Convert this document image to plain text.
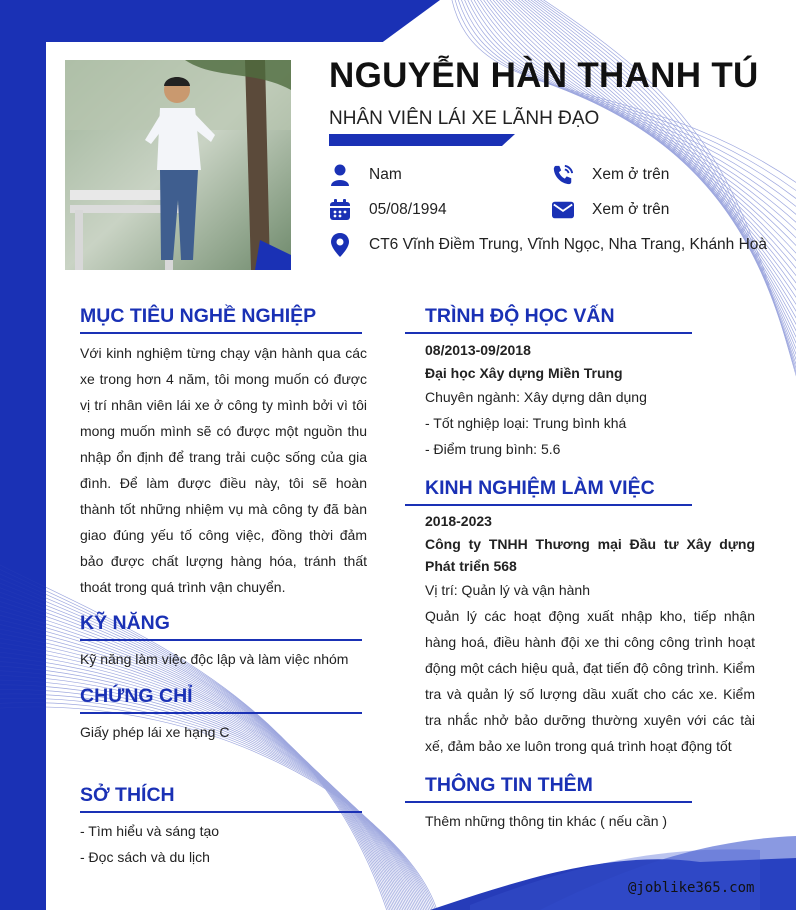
NGUYỄN HÀN THANH TÚ
NHÂN VIÊN LÁI XE LÃNH ĐẠO
Nam
05/08/1994
CT6 Vĩnh Điềm Trung, Vĩnh Ngọc, Nha Trang, Khánh Hoà
Xem ở trên
Xem ở trên
MỤC TIÊU NGHỀ NGHIỆP
Với kinh nghiệm từng chạy vận hành qua các xe trong hơn 4 năm, tôi mong muốn có được vị trí nhân viên lái xe ở công ty mình bởi vì tôi mong muốn mình sẽ có được một nguồn thu nhập ổn định để trang trải cuộc sống của gia đình. Để làm được điều này, tôi sẽ hoàn thành tốt những nhiệm vụ mà công ty đã bàn giao đúng yếu tố công việc, đồng thời đảm bảo được chất lượng hàng hóa, tránh thất thoát trong quá trình vận chuyển.
KỸ NĂNG
Kỹ năng làm việc độc lập và làm việc nhóm
CHỨNG CHỈ
Giấy phép lái xe hạng C
SỞ THÍCH
- Tìm hiểu và sáng tạo
- Đọc sách và du lịch
TRÌNH ĐỘ HỌC VẤN
08/2013-09/2018
Đại học Xây dựng Miền Trung
Chuyên ngành: Xây dựng dân dụng
- Tốt nghiệp loại: Trung bình khá
- Điểm trung bình: 5.6
KINH NGHIỆM LÀM VIỆC
2018-2023
Công ty TNHH Thương mại Đầu tư Xây dựng Phát triển 568
Vị trí: Quản lý và vận hành
Quản lý các hoạt động xuất nhập kho, tiếp nhận hàng hoá, điều hành đội xe thi công công trình hoạt động một cách hiệu quả, đạt tiến độ công trình. Kiểm tra và quản lý số lượng dầu xuất cho các xe. Kiểm tra nhắc nhở bảo dưỡng thường xuyên với các tài xế, đảm bảo xe luôn trong quá trình hoạt động tốt
THÔNG TIN THÊM
Thêm những thông tin khác ( nếu cần )
@joblike365.com
